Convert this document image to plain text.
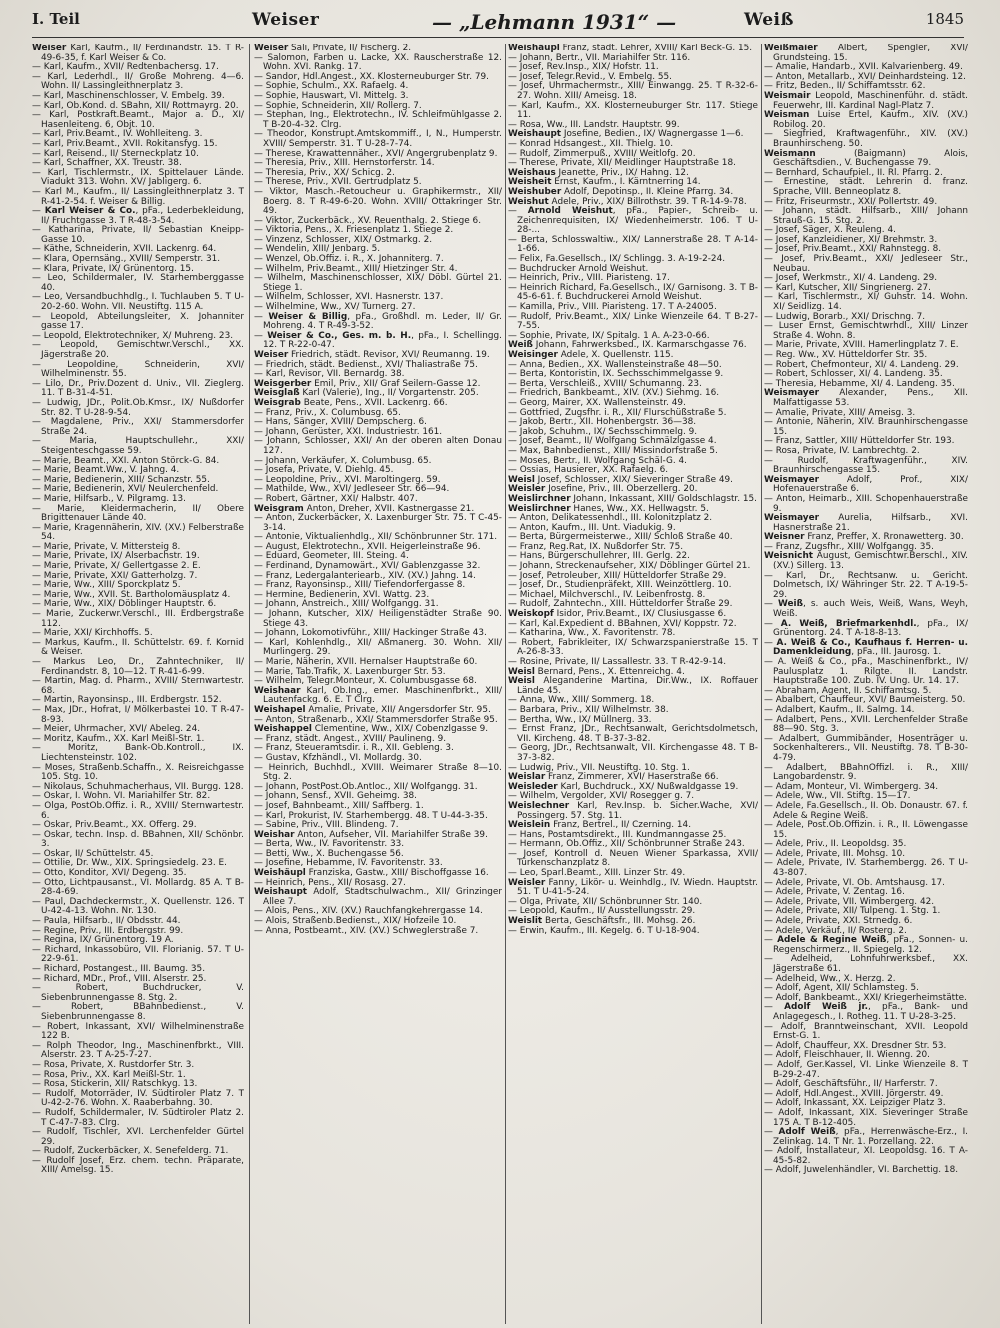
I. Teil	Weiser	— „Lehmann 1931“ —	Weiß	1845

Weiser Karl, Kaufm., II/ Ferdinandstr. 15. T R-49-6-35, f. Karl Weiser & Co.

— Karl, Kaufm., XVII/ Redtenbachersg. 17.

— Karl, Lederhdl., II/ Große Mohreng. 4—6. Wohn. II/ Lassingleithnerplatz 3.

— Karl, Maschinenschlosser, V. Embelg. 39.

— Karl, Ob.Kond. d. SBahn, XII/ Rottmayrg. 20.

— Karl, Postkraft.Beamt., Major a. D., XI/ Hasenleiteng. 6, Objt. 10.

— Karl, Priv.Beamt., IV. Wohlleiteng. 3.

— Karl, Priv.Beamt., XVII. Rokitansfyg. 15.

— Karl, Reisend., II/ Sterneckplatz 10.

— Karl, Schaffner, XX. Treustr. 38.

— Karl, Tischlermstr., IX. Spittelauer Lände. Viadukt 313. Wohn. XV/ Jabligerg. 6.

— Karl M., Kaufm., II/ Lassingleithnerplatz 3. T R-41-2-54. f. Weiser & Billig.

— Karl Weiser & Co., pFa., Lederbekleidung, II/ Fruchtgasse 3. T R-48-3-54.

— Katharina, Private, II/ Sebastian Kneipp-Gasse 10.

— Käthe, Schneiderin, XVII. Lackenrg. 64.

— Klara, Opernsäng., XVIII/ Semperstr. 31.

— Klara, Private, IX/ Grünentorg. 15.

— Leo, Schildermaler, IV. Starhemberggasse 40.

— Leo, Versandbuchhdlg., I. Tuchlauben 5. T U-20-2-60. Wohn. VII. Neustiftg. 115 A.

— Leopold, Abteilungsleiter, X. Johanniter gasse 17.

— Leopold, Elektrotechniker, X/ Muhreng. 23.

— Leopold, Gemischtwr.Verschl., XX. Jägerstraße 20.

— Leopoldine, Schneiderin, XVI/ Wilhelminenstr. 55.

— Lilo, Dr., Priv.Dozent d. Univ., VII. Zieglerg. 11. T B-31-4-51.

— Ludwig, JDr., Polit.Ob.Kmsr., IX/ Nußdorfer Str. 82. T U-28-9-54.

— Magdalene, Priv., XXI/ Stammersdorfer Straße 24.

— Maria, Hauptschullehr., XXI/ Steigenteschgasse 59.

— Marie, Beamt., XXI. Anton Störck-G. 84.

— Marie, Beamt.Ww., V. Jahng. 4.

— Marie, Bedienerin, XIII/ Schanzstr. 55.

— Marie, Bedienerin, XVI/ Neulerchenfeld.

— Marie, Hilfsarb., V. Pilgramg. 13.

— Marie, Kleidermacherin, II/ Obere Brigittenauer Lände 40.

— Marie, Kragennäherin, XIV. (XV.) Felberstraße 54.

— Marie, Private, V. Mittersteig 8.

— Marie, Private, IX/ Alserbachstr. 19.

— Marie, Private, X/ Gellertgasse 2. E.

— Marie, Private, XXI/ Gatterholzg. 7.

— Marie, Ww., XIII/ Sporckplatz 5.

— Marie, Ww., XVII. St. Bartholomäusplatz 4.

— Marie, Ww., XIX/ Döblinger Hauptstr. 6.

— Marie, Zuckerwr.Verschl., III. Erdbergstraße 112.

— Marie, XXI/ Kirchhoffs. 5.

— Markus, Kaufm., II. Schüttelstr. 69. f. Kornid & Weiser.

— Markus Leo, Dr., Zahntechniker, II/ Ferdinandstr. 8, 10—12. T R-41-6-99.

— Martin, Mag. d. Pharm., XVIII/ Sternwartestr. 68.

— Martin, Rayonsinsp., III. Erdbergstr. 152.

— Max, JDr., Hofrat, I/ Mölkerbastei 10. T R-47-8-93.

— Meier, Uhrmacher, XVI/ Abeleg. 24.

— Moritz, Kaufm., XX. Karl Meißl-Str. 1.

— Moritz, Bank-Ob.Kontroll., IX. Liechtensteinstr. 102.

— Moses, Straßenb.Schaffn., X. Reisreichgasse 105. Stg. 10.

— Nikolaus, Schuhmacherhaus, VII. Burgg. 128.

— Oskar, I. Wohn. VI. Mariahilfer Str. 82.

— Olga, PostOb.Offiz. i. R., XVIII/ Sternwartestr. 6.

— Oskar, Priv.Beamt., XX. Offerg. 29.

— Oskar, techn. Insp. d. BBahnen, XII/ Schönbr. 3.

— Oskar, II/ Schüttelstr. 45.

— Ottilie, Dr. Ww., XIX. Springsiedelg. 23. E.

— Otto, Konditor, XVI/ Degeng. 35.

— Otto, Lichtpausanst., VI. Mollardg. 85 A. T B-28-4-69.

— Paul, Dachdeckermstr., X. Quellenstr. 126. T U-42-4-13. Wohn. Nr. 130.

— Paula, Hilfsarb., II/ Obdsstr. 44.

— Regine, Priv., III. Erdbergstr. 99.

— Regina, IX/ Grünentorg. 19 A.

— Richard, Inkassobüro, VII. Florianig. 57. T U-22-9-61.

— Richard, Postangest., III. Baumg. 35.

— Richard, MDr., Prof., VIII. Alserstr. 25.

— Robert, Buchdrucker, V. Siebenbrunnengasse 8. Stg. 2.

— Robert, BBahnbedienst., V. Siebenbrunnengasse 8.

— Robert, Inkassant, XVI/ Wilhelminenstraße 122 B.

— Rolph Theodor, Ing., Maschinenfbrkt., VIII. Alserstr. 23. T A-25-7-27.

— Rosa, Private, X. Rustdorfer Str. 3.

— Rosa, Priv., XX. Karl Meißl-Str. 1.

— Rosa, Stickerin, XII/ Ratschkyg. 13.

— Rudolf, Motorräder, IV. Südtiroler Platz 7. T U-42-2-76. Wohn. X. Raaberbahng. 30.

— Rudolf, Schildermaler, IV. Südtiroler Platz 2. T C-47-7-83. Clrg.

— Rudolf, Tischler, XVI. Lerchenfelder Gürtel 29.

— Rudolf, Zuckerbäcker, X. Senefelderg. 71.

— Rudolf Josef, Erz. chem. techn. Präparate, XIII/ Amelsg. 15.

Weiser Sali, Private, II/ Fischerg. 2.

— Salomon, Farben u. Lacke, XX. Rauscherstraße 12. Wohn. XVI. Rankg. 17.

— Sandor, Hdl.Angest., XX. Klosterneuburger Str. 79.

— Sophie, Schulm., XX. Rafaelg. 4.

— Sophie, Hauswart, VI. Mittelg. 3.

— Sophie, Schneiderin, XII/ Rollerg. 7.

— Stephan, Ing., Elektrotechn., IV. Schleifmühlgasse 2. T B-20-4-32. Clrg.

— Theodor, Konstrupt.Amtskommiff., I, N., Humperstr. XVIII/ Semperstr. 31. T U-28-7-74.

— Therese, Krawattennäher., XVI/ Angergrubenplatz 9.

— Theresia, Priv., XIII. Hernstorferstr. 14.

— Theresia, Priv., XX/ Schicg. 2.

— Therese, Priv., XVII. Gertrudplatz 5.

— Viktor, Masch.-Retoucheur u. Graphikermstr., XII/ Boerg. 8. T R-49-6-20. Wohn. XVIII/ Ottakringer Str. 49.

— Viktor, Zuckerbäck., XV. Reuenthalg. 2. Stiege 6.

— Viktoria, Pens., X. Friesenplatz 1. Stiege 2.

— Vinzenz, Schlosser, XIX/ Ostmarkg. 2.

— Wendelin, XIII/ Jenbarg. 5.

— Wenzel, Ob.Offiz. i. R., X. Johanniterg. 7.

— Wilhelm, Priv.Beamt., XIII/ Hietzinger Str. 4.

— Wilhelm, Maschinenschlosser, XIX/ Döbl. Gürtel 21. Stiege 1.

— Wilhelm, Schlosser, XVI. Hasnerstr. 137.

— Wilhelmine, Ww., XV/ Turnerg. 27.

— Weiser & Billig, pFa., Großhdl. m. Leder, II/ Gr. Mohreng. 4. T R-49-3-52.

— Weiser & Co., Ges. m. b. H., pFa., I. Schellingg. 12. T R-22-0-47.

Weiser Friedrich, städt. Revisor, XVI/ Reumanng. 19.

— Friedrich, städt. Bedienst., XVI/ Thaliastraße 75.

— Karl, Revisor, VII. Bernardg. 38.

Weisgerber Emil, Priv., XII/ Graf Seilern-Gasse 12.

Weisglaß Karl (Valerie), Ing., II/ Vorgartenstr. 205.

Weisgrab Beate, Pens., XVII. Lackenrg. 66.

— Franz, Priv., X. Columbusg. 65.

— Hans, Sänger, XVIII/ Dempscherg. 6.

— Johann, Gerüster, XXI. Industriestr. 161.

— Johann, Schlosser, XXI/ An der oberen alten Donau 127.

— Johann, Verkäufer, X. Columbusg. 65.

— Josefa, Private, V. Diehlg. 45.

— Leopoldine, Priv., XVI. Maroltingerg. 59.

— Mathilde, Ww., XVI/ Jedleseer Str. 66—94.

— Robert, Gärtner, XXI/ Halbstr. 407.

Weisgram Anton, Dreher, XVII. Kastnergasse 21.

— Anton, Zuckerbäcker, X. Laxenburger Str. 75. T C-45-3-14.

— Antonie, Viktualienhdlg., XII/ Schönbrunner Str. 171.

— August, Elektrotechn., XVII. Heigerleinstraße 96.

— Eduard, Geometer, III. Steing. 4.

— Ferdinand, Dynamowärt., XVI/ Gablenzgasse 32.

— Franz, Ledergalanteriearb., XIV. (XV.) Jahng. 14.

— Franz, Rayonsinsp., XIII/ Tiefendorfergasse 8.

— Hermine, Bedienerin, XVI. Wattg. 23.

— Johann, Anstreich., XIII/ Wolfgangg. 31.

— Johann, Kutscher, XIX/ Heiligenstädter Straße 90. Stiege 43.

— Johann, Lokomotivführ., XIII/ Hackinger Straße 43.

— Karl, Kohlenhdlg., XII/ Aßmanerg. 30. Wohn. XII/ Murlingerg. 29.

— Marie, Näherin, XVII. Hernalser Hauptstraße 60.

— Marie, Tab.Trafik, X. Laxenburger Str. 53.

— Wilhelm, Telegr.Monteur, X. Columbusgasse 68.

Weishaar Karl, Ob.Ing., emer. Maschinenfbrkt., XIII/ Lautenfackg. 6. E. T Clrg.

Weishapel Amalie, Private, XII/ Angersdorfer Str. 95.

— Anton, Straßenarb., XXI/ Stammersdorfer Straße 95.

Weishappel Clementine, Ww., XIX/ Cobenzlgasse 9.

— Franz, städt. Angest., XVIII/ Paulineng. 9.

— Franz, Steueramtsdir. i. R., XII. Gebleng. 3.

— Gustav, Kfzhändl., VI. Mollardg. 30.

— Heinrich, Buchhdl., XVIII. Weimarer Straße 8—10. Stg. 2.

— Johann, PostPost.Ob.Antloc., XII/ Wolfgangg. 31.

— Johann, Sensf., XVII. Geheimg. 38.

— Josef, Bahnbeamt., XIII/ Saffberg. 1.

— Karl, Prokurist, IV. Starhembergg. 48. T U-44-3-35.

— Sabine, Priv., VIII. Blindeng. 7.

Weishar Anton, Aufseher, VII. Mariahilfer Straße 39.

— Berta, Ww., IV. Favoritenstr. 33.

— Betti, Ww., X. Buchengasse 56.

— Josefine, Hebamme, IV. Favoritenstr. 33.

Weishäupl Franziska, Gastw., XIII/ Bischoffgasse 16.

— Heinrich, Pens., XII/ Rosasg. 27.

Weishaupt Adolf, Stadtschulwachm., XII/ Grinzinger Allee 7.

— Alois, Pens., XIV. (XV.) Rauchfangkehrergasse 14.

— Alois, Straßenb.Bedienst., XIX/ Hofzeile 10.

— Anna, Postbeamt., XIV. (XV.) Schweglerstraße 7.

Weishäupl Franz, städt. Lehrer, XVIII/ Karl Beck-G. 15.

— Johann, Bertr., VII. Mariahilfer Str. 116.

— Josef, Rev.Insp., XIX/ Hofstr. 11.

— Josef, Telegr.Revid., V. Embelg. 55.

— Josef, Uhrmachermstr., XIII/ Einwangg. 25. T R-32-6-27. Wohn. XIII/ Ameisg. 18.

— Karl, Kaufm., XX. Klosterneuburger Str. 117. Stiege 11.

— Rosa, Ww., III. Landstr. Hauptstr. 99.

Weishaupt Josefine, Bedien., IX/ Wagnergasse 1—6.

— Konrad Hdsangest., XII. Thielg. 10.

— Rudolf, Zimmerpuß., XVIII/ Weitlofg. 20.

— Therese, Private, XII/ Meidlinger Hauptstraße 18.

Weishaus Jeanette, Priv., IX/ Hahng. 12.

Weisheit Ernst, Kaufm., I. Kärntnerring 14.

Weishuber Adolf, Depotinsp., II. Kleine Pfarrg. 34.

Weishut Adele, Priv., XIX/ Billrothstr. 39. T R-14-9-78.

— Arnold Weishut, pFa., Papier-, Schreib- u. Zeichenrequisiten, IX/ Wiedenheimerstr. 106. T U-28-...

— Berta, Schlosswaltiw., XIX/ Lannerstraße 28. T A-14-1-66.

— Felix, Fa.Gesellsch., IX/ Schlingg. 3. A-19-2-24.

— Buchdrucker Arnold Weishut.

— Heinrich, Priv., VIII. Piaristeng. 17.

— Heinrich Richard, Fa.Gesellsch., IX/ Garnisong. 3. T B-45-6-61. f. Buchdruckerei Arnold Weishut.

— Kamilla, Priv., VIII. Piaristeng. 17. T A-24005.

— Rudolf, Priv.Beamt., XIX/ Linke Wienzeile 64. T B-27-7-55.

— Sophie, Private, IX/ Spitalg. 1 A. A-23-0-66.

Weiß Johann, Fahrwerksbed., IX. Karmarschgasse 76.

Weisinger Adele, X. Quellenstr. 115.

— Anna, Bedien., XX. Wallensteinstraße 48—50.

— Berta, Kontoristin, IX. Sechsschimmelgasse 9.

— Berta, Verschleiß., XVIII/ Schumanng. 23.

— Friedrich, Bankbeamt., XIV. (XV.) Siehmg. 16.

— Georg, Mairer, XX. Wallensteinstr. 49.

— Gottfried, Zugsfhr. i. R., XII/ Flurschüßstraße 5.

— Jakob, Bertr., XII. Hohenbergstr. 36—38.

— Jakob, Schuhm., IX/ Sechsschimmelg. 9.

— Josef, Beamt., II/ Wolfgang Schmälzlgasse 4.

— Max, Bahnbedienst., XIII/ Missindorfstraße 5.

— Moses, Bertr., II. Wolfgang Schäl-G. 4.

— Ossias, Hausierer, XX. Rafaelg. 6.

Weisl Josef, Schlosser, XIX/ Sieveringer Straße 49.

Weisler Josefine, Priv., III. Oberzellerg. 20.

Weislirchner Johann, Inkassant, XIII/ Goldschlagstr. 15.

Weislirchner Hanes, Ww., XX. Hellwagstr. 5.

— Anton, Delikatessenhdl., III. Kolonitzplatz 2.

— Anton, Kaufm., III. Unt. Viadukig. 9.

— Berta, Bürgermeisterwe., XIII/ Schloß Straße 40.

— Franz, Reg.Rat, IX. Nußdorfer Str. 75.

— Hans, Bürgerschullehrer, III. Gerlg. 22.

— Johann, Streckenaufseher, XIX/ Döblinger Gürtel 21.

— Josef, Petroleuber, XIII/ Hütteldorfer Straße 29.

— Josef, Dr., Studienpräfekt, XIII. Weinzöttlerg. 10.

— Michael, Milchverschl., IV. Leibenfrostg. 8.

— Rudolf, Zahntechn., XIII. Hütteldorfer Straße 29.

Weiskopf Isidor, Priv.Beamt., IX/ Clusiusgasse 6.

— Karl, Kal.Expedient d. BBahnen, XVI/ Koppstr. 72.

— Katharina, Ww., X. Favoritenstr. 78.

— Robert, Fabrikleiter, IX/ Schwarzspanierstraße 15. T A-26-8-33.

— Rosine, Private, II/ Lassallestr. 33. T R-42-9-14.

Weisl Bernard, Pens., X. Ettenreichg. 4.

Weisl Aleganderine Martina, Dir.Ww., IX. Roffauer Lände 45.

— Anna, Ww., XIII/ Sommerg. 18.

— Barbara, Priv., XII/ Wilhelmstr. 38.

— Bertha, Ww., IX/ Müllnerg. 33.

— Ernst Franz, JDr., Rechtsanwalt, Gerichtsdolmetsch, VII. Kircheng. 48. T B-37-3-82.

— Georg, JDr., Rechtsanwalt, VII. Kirchengasse 48. T B-37-3-82.

— Ludwig, Priv., VII. Neustiftg. 10. Stg. 1.

Weislar Franz, Zimmerer, XVI/ Haserstraße 66.

Weisleder Karl, Buchdruck., XX/ Nußwaldgasse 19.

— Wilhelm, Vergolder, XVI/ Rosegger g. 7.

Weislechner Karl, Rev.Insp. b. Sicher.Wache, XVI/ Possingerg. 57. Stg. 11.

Weislein Franz, Bertrel., II/ Czerning. 14.

— Hans, Postamtsdirekt., III. Kundmanngasse 25.

— Hermann, Ob.Offiz., XII/ Schönbrunner Straße 243.

— Josef, Kontroll d. Neuen Wiener Sparkassa, XVII/ Türkenschanzplatz 8.

— Leo, Sparl.Beamt., XIII. Linzer Str. 49.

Weisler Fanny, Likör- u. Weinhdlg., IV. Wiedn. Hauptstr. 51. T U-41-5-24.

— Olga, Private, XII/ Schönbrunner Str. 140.

— Leopold, Kaufm., II/ Ausstellungsstr. 29.

Weislit Berta, Geschäftsfr., III. Mohsg. 26.

— Erwin, Kaufm., III. Kegelg. 6. T U-18-904.

Weißmaier Albert, Spengler, XVI/ Grundsteing. 15.

— Amalie, Handarb., XVII. Kalvarienberg. 49.

— Anton, Metallarb., XVI/ Deinhardsteing. 12.

— Fritz, Beden., II/ Schiffamtsstr. 62.

Weismair Leopold, Maschinenführ. d. städt. Feuerwehr, III. Kardinal Nagl-Platz 7.

Weisman Luise Ertel, Kaufm., XIV. (XV.) Robilog. 20.

— Siegfried, Kraftwagenführ., XIV. (XV.) Braunhirscheng. 50.

Weismann (Baigmann) Alois, Geschäftsdien., V. Buchengasse 79.

— Bernhard, Schaufpiel., II. Rl. Pfarrg. 2.

— Ernestine, städt. Lehrerin d. franz. Sprache, VIII. Benneoplatz 8.

— Fritz, Friseurmstr., XXI/ Pollertstr. 49.

— Johann, städt. Hilfsarb., XIII/ Johann Strauß-G. 15. Stg. 2.

— Josef, Säger, X. Reuleng. 4.

— Josef, Kanzleidiener, XI/ Brehmstr. 3.

— Josef, Priv.Beamt., XXI/ Rahnstegg. 8.

— Josef, Priv.Beamt., XXI/ Jedleseer Str., Neubau.

— Josef, Werkmstr., XI/ 4. Landeng. 29.

— Karl, Kutscher, XII/ Singrienerg. 27.

— Karl, Tischlermstr., XI/ Guhstr. 14. Wohn. XI/ Seidlizg. 14.

— Ludwig, Borarb., XXI/ Drischng. 7.

— Luser Ernst, Gemischtwrhdl., XIII/ Linzer Straße 4. Wohn. 8.

— Marie, Private, XVIII. Hamerlingplatz 7. E.

— Reg. Ww., XV. Hütteldorfer Str. 35.

— Robert, Chefmonteur, XI/ 4. Landeng. 29.

— Robert, Schlosser, XI/ 4. Landeng. 35.

— Theresia, Hebamme, XI/ 4. Landeng. 35.

Weismayer Alexander, Pens., XII. Malfattigasse 53.

— Amalie, Private, XIII/ Ameisg. 3.

— Antonie, Näherin, XIV. Braunhirschengasse 15.

— Franz, Sattler, XIII/ Hütteldorfer Str. 193.

— Rosa, Private, IV. Lambrechtg. 2.

— Rudolf, Kraftwagenführ., XIV. Braunhirschengasse 15.

Weismayer Adolf, Prof., XIX/ Hofenauerstraße 6.

— Anton, Heimarb., XIII. Schopenhauerstraße 9.

Weismayer Aurelia, Hilfsarb., XVI. Hasnerstraße 21.

Weisner Franz, Preffer, X. Rronawetterg. 30.

— Franz, Zugsfhr., XIII/ Wolfgangg. 35.

Weisnicht August, Gemischtwr.Berschl., XIV. (XV.) Sillerg. 13.

— Karl, Dr., Rechtsanw. u. Gericht. Dolmetsch, IX/ Währinger Str. 22. T A-19-5-29.

— Weiß, s. auch Weis, Weiß, Wans, Weyh, Weiß.

— A. Weiß, Briefmarkenhdl., pFa., IX/ Grünentorg. 24. T A-18-8-13.

— A. Weiß & Co., Kaufhaus f. Herren- u. Damenkleidung, pFa., III. Jaurosg. 1.

— A. Weiß & Co., pFa., Maschinenfbrkt., IV/ Paulusplatz 1. Rilgte. II. Landstr. Hauptstraße 100. Zub. IV. Ung. Ur. 14. 17.

— Abraham, Agent, II. Schiffamtsg. 5.

— Abalbert, Chauffeur, XVI/ Baumeisterg. 50.

— Adalbert, Kaufm., II. Salmg. 14.

— Adalbert, Pens., XVII. Lerchenfelder Straße 88—90. Stg. 3.

— Adalbert, Gummibänder, Hosenträger u. Sockenhalterers., VII. Neustiftg. 78. T B-30-4-79.

— Adalbert, BBahnOffizl. i. R., XIII/ Langobardenstr. 9.

— Adam, Monteur, VI. Wimbergerg. 34.

— Adele, Ww., VII. Stiftg. 15—17.

— Adele, Fa.Gesellsch., II. Ob. Donaustr. 67. f. Adele & Regine Weiß.

— Adele, Post.Ob.Offizin. i. R., II. Löwengasse 15.

— Adele, Priv., II. Leopoldsg. 35.

— Adele, Private, III. Mohsg. 10.

— Adele, Private, IV. Starhembergg. 26. T U-43-807.

— Adele, Private, VI. Ob. Amtshausg. 17.

— Adele, Private, V. Zentag. 16.

— Adele, Private, VII. Wimbergerg. 42.

— Adele, Private, XII/ Tulpeng. 1. Stg. 1.

— Adele, Private, XXI. Strnedg. 6.

— Adele, Verkäuf., II/ Rosterg. 2.

— Adele & Regine Weiß, pFa., Sonnen- u. Regenschirmerz., II. Spiegelg. 12.

— Adelheid, Lohnfuhrwerksbef., XX. Jägerstraße 61.

— Adelheid, Ww., X. Herzg. 2.

— Adolf, Agent, XII/ Schlamsteg. 5.

— Adolf, Bankbeamt., XXI/ Kriegerheimstätte.

— Adolf Weiß jr., pFa., Bank- und Anlagegesch., I. Rotheg. 11. T U-28-3-25.

— Adolf, Branntweinschant, XVII. Leopold Ernst-G. 1.

— Adolf, Chauffeur, XX. Dresdner Str. 53.

— Adolf, Fleischhauer, II. Wienng. 20.

— Adolf, Ger.Kassel, VI. Linke Wienzeile 8. T B-29-2-47.

— Adolf, Geschäftsführ., II/ Harferstr. 7.

— Adolf, Hdl.Angest., XVIII. Jörgerstr. 49.

— Adolf, Inkassant, XX. Leipziger Platz 3.

— Adolf, Inkassant, XIX. Sieveringer Straße 175 A. T B-12-405.

— Adolf Weiß, pFa., Herrenwäsche-Erz., I. Zelinkag. 14. T Nr. 1. Porzellang. 22.

— Adolf, Installateur, XI. Leopoldsg. 16. T A-45-5-82.

— Adolf, Juwelenhändler, VI. Barchettig. 18.
